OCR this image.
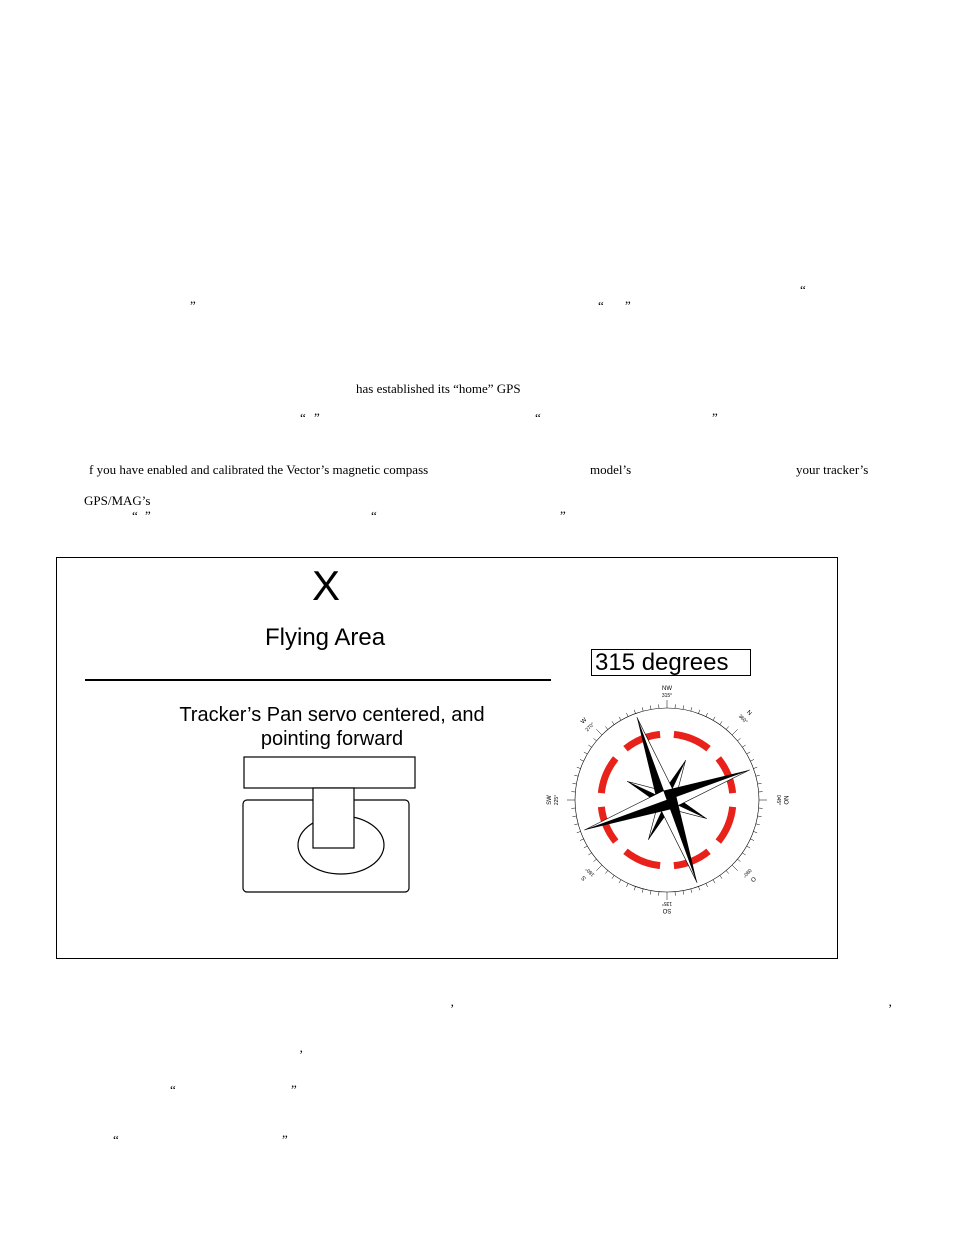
“
”	“ ”
has established its “home” GPS
“ ”	“	”
f you have enabled and calibrated the Vector’s magnetic compass	model’s	your tracker’s
GPS/MAG’s
“ ”	“	”
X
Flying Area
Tracker’s Pan servo centered, and pointing forward
315 degrees
NW
315°
N
360°
NO
045°
O
090°
SO
135°
S
180°
SW 225°
W
270°
’	’
’
“	”
“	”
